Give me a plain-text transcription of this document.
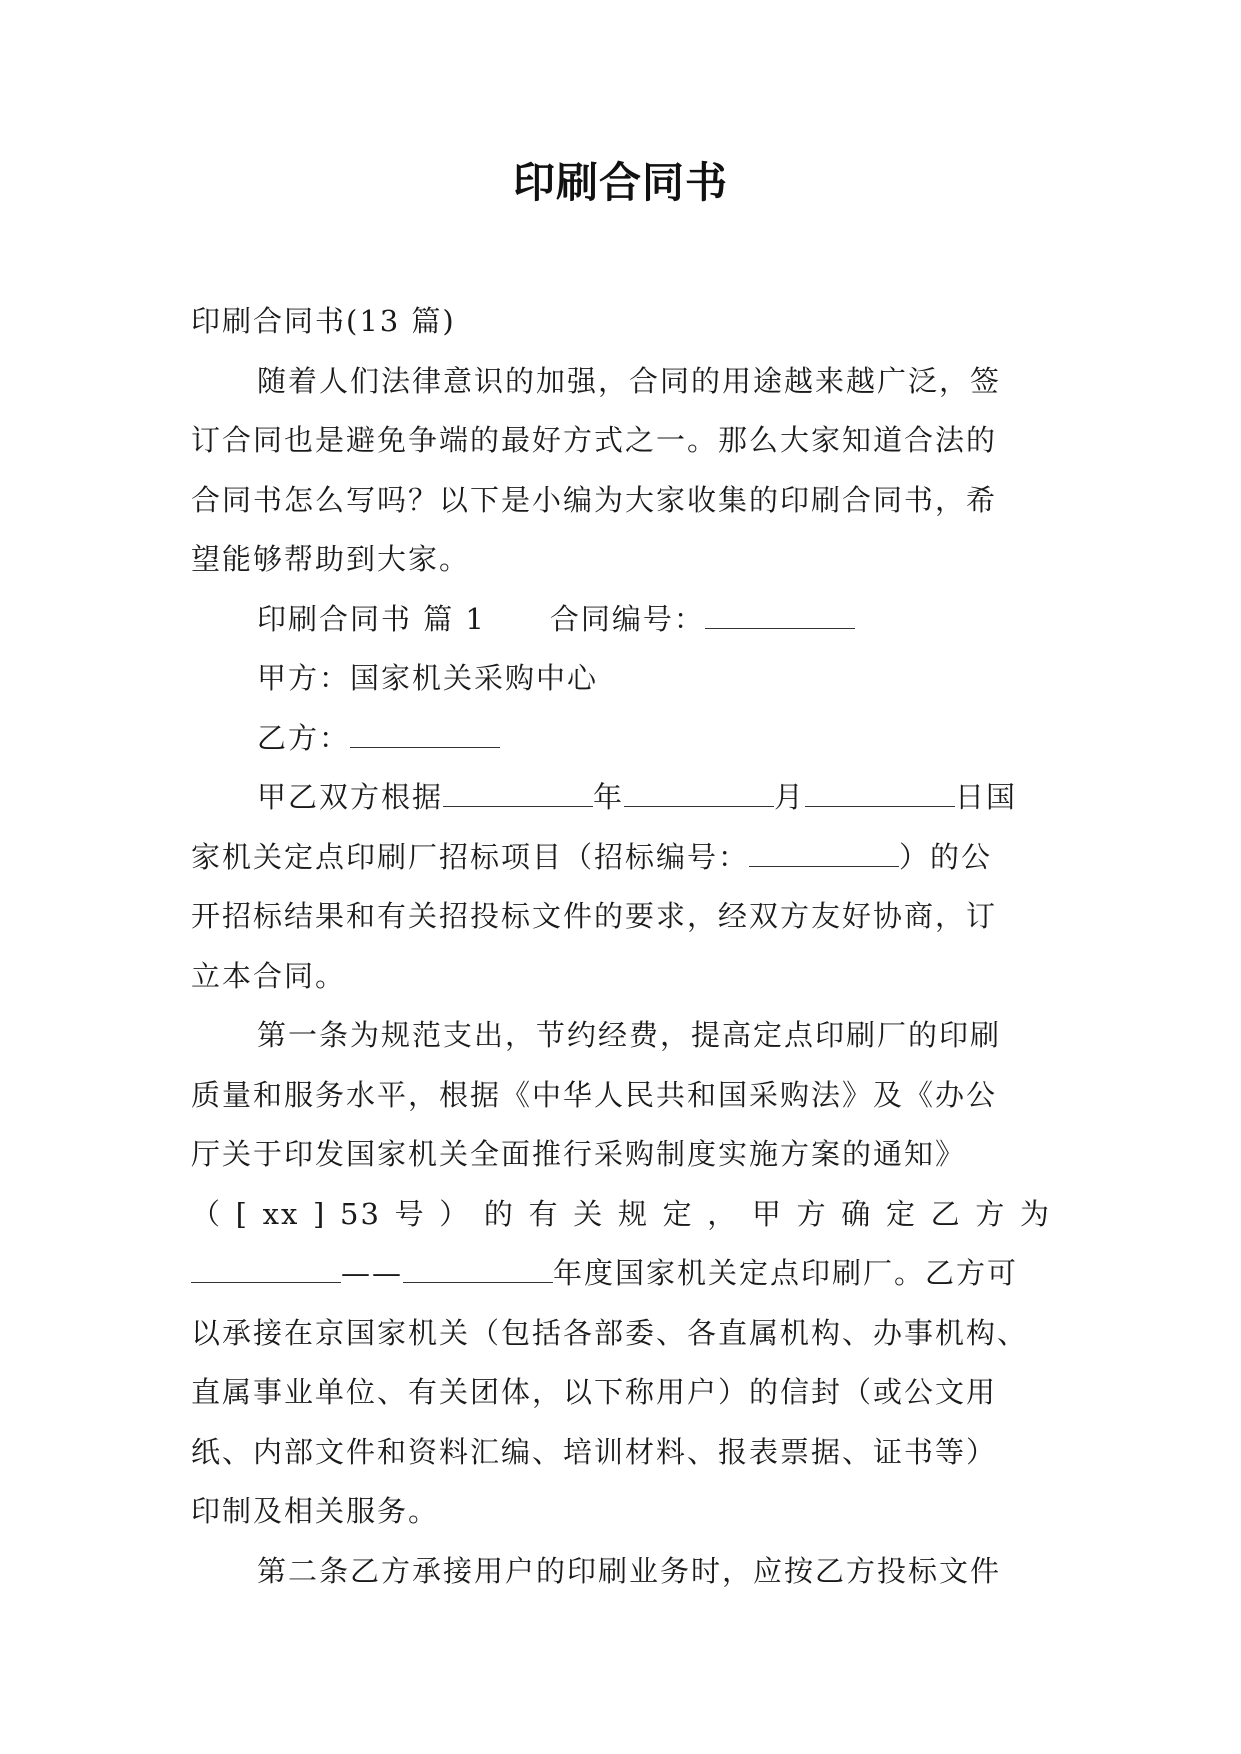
印刷合同书
印刷合同书(13 篇)
随着人们法律意识的加强，合同的用途越来越广泛，签
订合同也是避免争端的最好方式之一。那么大家知道合法的
合同书怎么写吗？以下是小编为大家收集的印刷合同书，希
望能够帮助到大家。
印刷合同书 篇 1 合同编号：
甲方：国家机关采购中心
乙方：
甲乙双方根据	年	月	日国
家机关定点印刷厂招标项目（招标编号：	）的公
开招标结果和有关招投标文件的要求，经双方友好协商，订
立本合同。
第一条为规范支出，节约经费，提高定点印刷厂的印刷
质量和服务水平，根据《中华人民共和国采购法》及《办公
厅关于印发国家机关全面推行采购制度实施方案的通知》
（ [ xx ] 53 号 ） 的 有 关 规 定 ， 甲 方 确 定 乙 方 为
——	年度国家机关定点印刷厂。乙方可
以承接在京国家机关（包括各部委、各直属机构、办事机构、
直属事业单位、有关团体，以下称用户）的信封（或公文用
纸、内部文件和资料汇编、培训材料、报表票据、证书等）
印制及相关服务。
第二条乙方承接用户的印刷业务时，应按乙方投标文件
